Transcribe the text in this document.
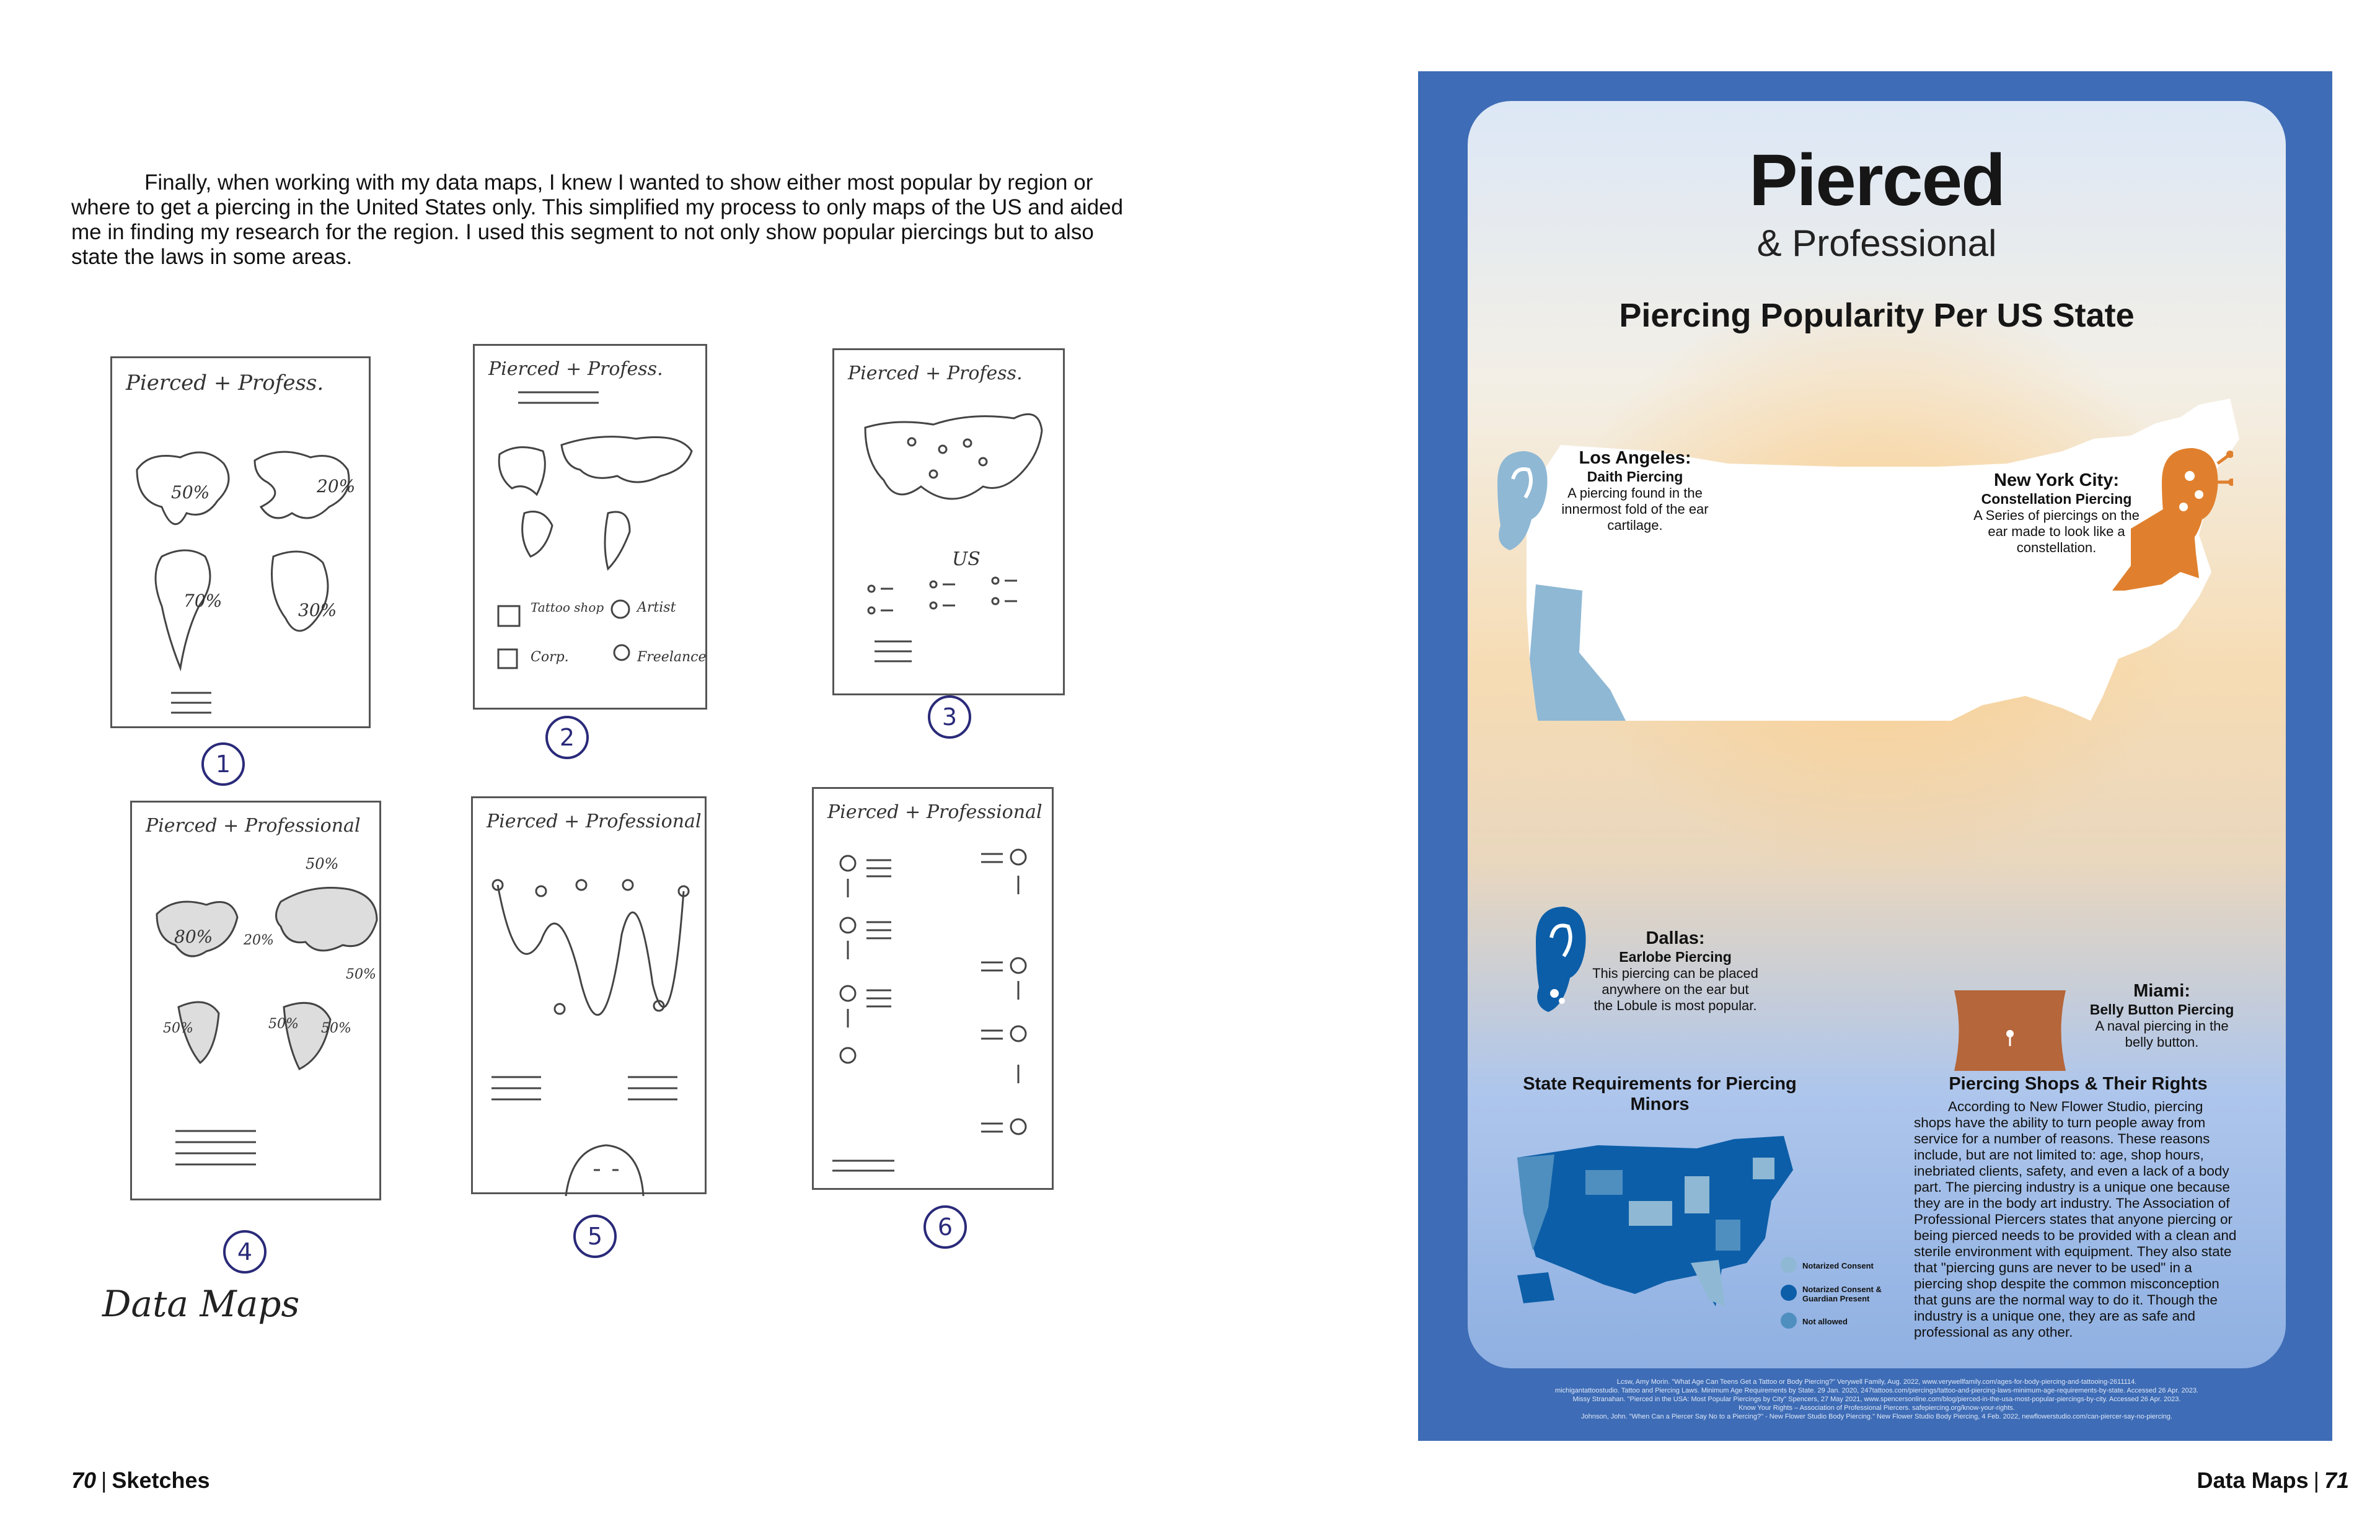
Finally, when working with my data maps, I knew I wanted to show either most popular by region or where to get a piercing in the United States only. This simplified my process to only maps of the US and aided me in finding my research for the region. I used this segment to not only show popular piercings but to also state the laws in some areas.

Pierced + Profess.
50%	20%
70%	30%
1
Pierced + Profess.
Tattoo shop Artist
Corp.	Freelance
2
Pierced + Profess.
US
3
Pierced + Professional
50%
80% 20%
50%
50%	50% 50%
4
Pierced + Professional
5
Pierced + Professional
6
Data Maps
70 | Sketches	Data Maps | 71
Pierced
& Professional
Piercing Popularity Per US State
Los Angeles:
Daith Piercing
A piercing found in the innermost fold of the ear cartilage.
New York City:
Constellation Piercing
A Series of piercings on the ear made to look like a constellation.
Dallas:
Earlobe Piercing
This piercing can be placed anywhere on the ear but the Lobule is most popular.
Miami:
Belly Button Piercing
A naval piercing in the belly button.
State Requirements for Piercing Minors
Notarized Consent
Notarized Consent & Guardian Present
Not allowed
Piercing Shops & Their Rights

According to New Flower Studio, piercing shops have the ability to turn people away from service for a number of reasons. These reasons include, but are not limited to: age, shop hours, inebriated clients, safety, and even a lack of a body part. The piercing industry is a unique one because they are in the body art industry. The Association of Professional Piercers states that anyone piercing or being pierced needs to be provided with a clean and sterile environment with equipment. They also state that "piercing guns are never to be used" in a piercing shop despite the common misconception that guns are the normal way to do it. Though the industry is a unique one, they are as safe and professional as any other.

Lcsw, Amy Morin. "What Age Can Teens Get a Tattoo or Body Piercing?" Verywell Family, Aug. 2022, www.verywellfamily.com/ages-for-body-piercing-and-tattooing-2611114.
michigantattoostudio. Tattoo and Piercing Laws. Minimum Age Requirements by State. 29 Jan. 2020, 247tattoos.com/piercings/tattoo-and-piercing-laws-minimum-age-requirements-by-state. Accessed 26 Apr. 2023.
Missy Stranahan. "Pierced in the USA: Most Popular Piercings by City" Spencers, 27 May 2021, www.spencersonline.com/blog/pierced-in-the-usa-most-popular-piercings-by-city. Accessed 26 Apr. 2023.
Know Your Rights – Association of Professional Piercers. safepiercing.org/know-your-rights.
Johnson, John. "When Can a Piercer Say No to a Piercing?" - New Flower Studio Body Piercing." New Flower Studio Body Piercing, 4 Feb. 2022, newflowerstudio.com/can-piercer-say-no-piercing.
